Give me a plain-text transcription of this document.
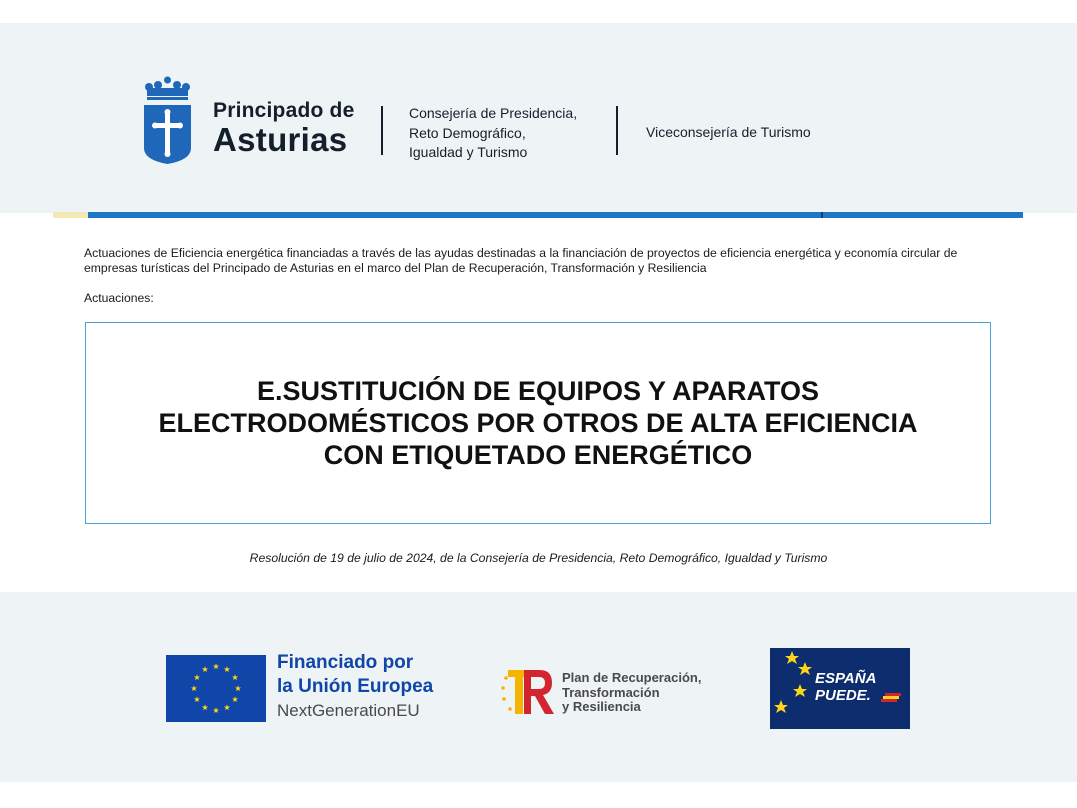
Principado de
Asturias
Consejería de Presidencia,
Reto Demográfico,
Igualdad y Turismo
Viceconsejería de Turismo

Actuaciones de Eficiencia energética financiadas a través de las ayudas destinadas a la financiación de proyectos de eficiencia energética y economía circular de empresas turísticas del Principado de Asturias en el marco del Plan de Recuperación, Transformación y Resiliencia

Actuaciones:
E.SUSTITUCIÓN DE EQUIPOS Y APARATOS
ELECTRODOMÉSTICOS POR OTROS DE ALTA EFICIENCIA
CON ETIQUETADO ENERGÉTICO
Resolución de 19 de julio de 2024, de la Consejería de Presidencia, Reto Demográfico, Igualdad y Turismo
Financiado por
la Unión Europea
NextGenerationEU
Plan de Recuperación,
Transformación
y Resiliencia
ESPAÑA
PUEDE.
